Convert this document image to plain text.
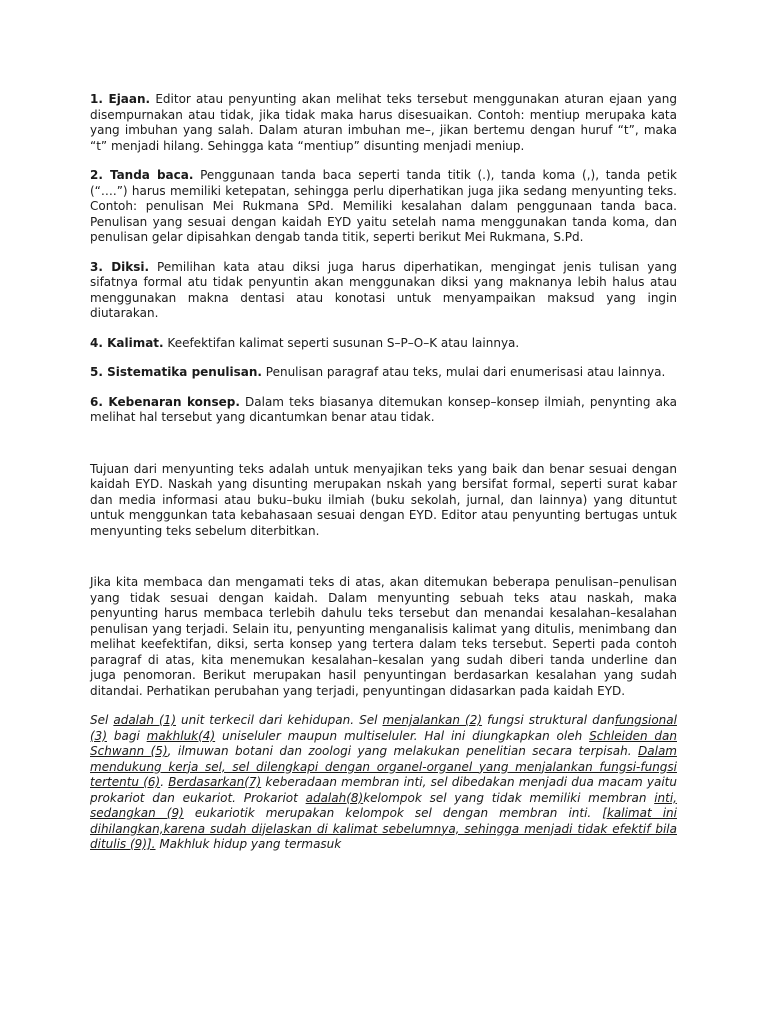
1. Ejaan. Editor atau penyunting akan melihat teks tersebut menggunakan aturan ejaan yang disempurnakan atau tidak, jika tidak maka harus disesuaikan. Contoh: mentiup merupaka kata yang imbuhan yang salah. Dalam aturan imbuhan me–, jikan bertemu dengan huruf “t”, maka “t” menjadi hilang. Sehingga kata “mentiup” disunting menjadi meniup.

2. Tanda baca. Penggunaan tanda baca seperti tanda titik (.), tanda koma (,), tanda petik (“….”) harus memiliki ketepatan, sehingga perlu diperhatikan juga jika sedang menyunting teks. Contoh: penulisan Mei Rukmana SPd. Memiliki kesalahan dalam penggunaan tanda baca. Penulisan yang sesuai dengan kaidah EYD yaitu setelah nama menggunakan tanda koma, dan penulisan gelar dipisahkan dengab tanda titik, seperti berikut Mei Rukmana, S.Pd.

3. Diksi. Pemilihan kata atau diksi juga harus diperhatikan, mengingat jenis tulisan yang sifatnya formal atu tidak penyuntin akan menggunakan diksi yang maknanya lebih halus atau menggunakan makna dentasi atau konotasi untuk menyampaikan maksud yang ingin diutarakan.

4. Kalimat. Keefektifan kalimat seperti susunan S–P–O–K atau lainnya.

5. Sistematika penulisan. Penulisan paragraf atau teks, mulai dari enumerisasi atau lainnya.

6. Kebenaran konsep. Dalam teks biasanya ditemukan konsep–konsep ilmiah, penynting aka melihat hal tersebut yang dicantumkan benar atau tidak.

Tujuan dari menyunting teks adalah untuk menyajikan teks yang baik dan benar sesuai dengan kaidah EYD. Naskah yang disunting merupakan nskah yang bersifat formal, seperti surat kabar dan media informasi atau buku–buku ilmiah (buku sekolah, jurnal, dan lainnya) yang dituntut untuk menggunkan tata kebahasaan sesuai dengan EYD. Editor atau penyunting bertugas untuk menyunting teks sebelum diterbitkan.

Jika kita membaca dan mengamati teks di atas, akan ditemukan beberapa penulisan–penulisan yang tidak sesuai dengan kaidah. Dalam menyunting sebuah teks atau naskah, maka penyunting harus membaca terlebih dahulu teks tersebut dan menandai kesalahan–kesalahan penulisan yang terjadi. Selain itu, penyunting menganalisis kalimat yang ditulis, menimbang dan melihat keefektifan, diksi, serta konsep yang tertera dalam teks tersebut. Seperti pada contoh paragraf di atas, kita menemukan kesalahan–kesalan yang sudah diberi tanda underline dan juga penomoran. Berikut merupakan hasil penyuntingan berdasarkan kesalahan yang sudah ditandai. Perhatikan perubahan yang terjadi, penyuntingan didasarkan pada kaidah EYD.

Sel adalah (1) unit terkecil dari kehidupan. Sel menjalankan (2) fungsi struktural danfungsional (3) bagi makhluk(4) uniseluler maupun multiseluler. Hal ini diungkapkan oleh Schleiden dan Schwann (5), ilmuwan botani dan zoologi yang melakukan penelitian secara terpisah. Dalam mendukung kerja sel, sel dilengkapi dengan organel-organel yang menjalankan fungsi-fungsi tertentu (6). Berdasarkan(7) keberadaan membran inti, sel dibedakan menjadi dua macam yaitu prokariot dan eukariot. Prokariot adalah(8)kelompok sel yang tidak memiliki membran inti, sedangkan (9) eukariotik merupakan kelompok sel dengan membran inti. [kalimat ini dihilangkan,karena sudah dijelaskan di kalimat sebelumnya, sehingga menjadi tidak efektif bila ditulis (9)]. Makhluk hidup yang termasuk
